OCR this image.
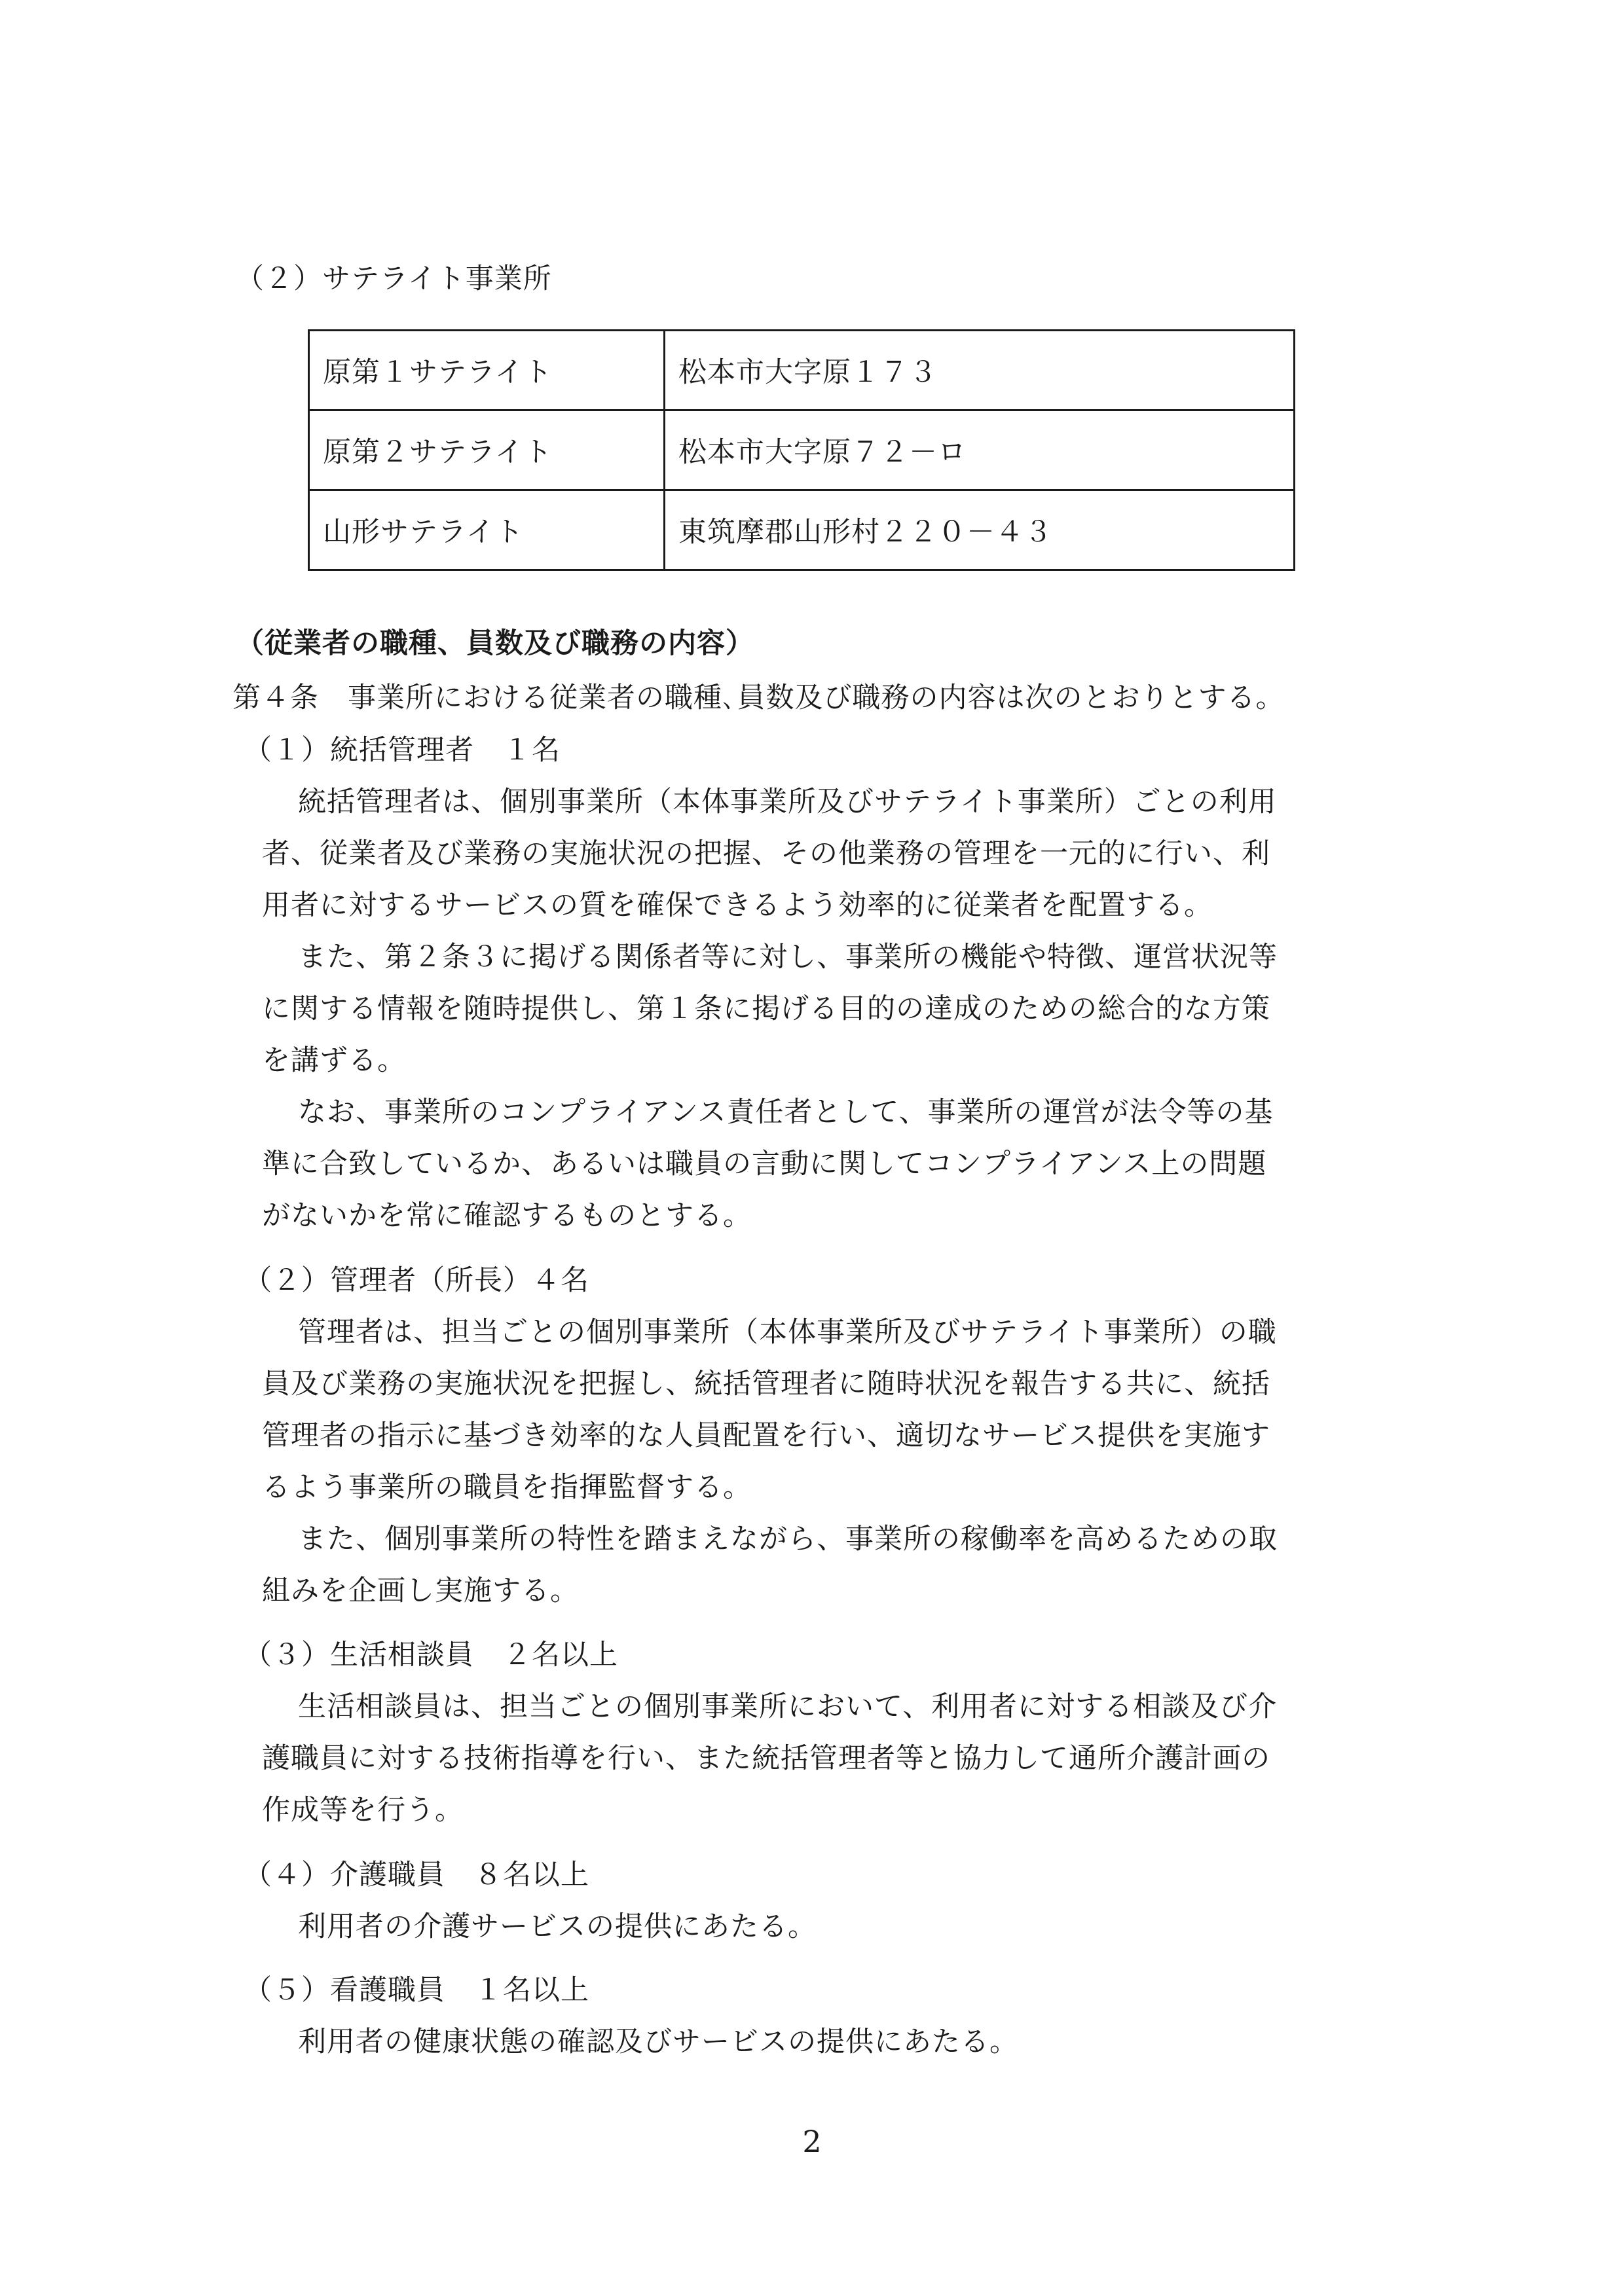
（２）サテライト事業所
原第１サテライト	松本市大字原１７３
原第２サテライト	松本市大字原７２－ロ
山形サテライト	東筑摩郡山形村２２０－４３
（従業者の職種、員数及び職務の内容）
第４条　事業所における従業者の職種､員数及び職務の内容は次のとおりとする。
（１）統括管理者　１名
統括管理者は、個別事業所（本体事業所及びサテライト事業所）ごとの利用
者、従業者及び業務の実施状況の把握、その他業務の管理を一元的に行い、利
用者に対するサービスの質を確保できるよう効率的に従業者を配置する。
また、第２条３に掲げる関係者等に対し、事業所の機能や特徴、運営状況等
に関する情報を随時提供し、第１条に掲げる目的の達成のための総合的な方策
を講ずる。
なお、事業所のコンプライアンス責任者として、事業所の運営が法令等の基
準に合致しているか、あるいは職員の言動に関してコンプライアンス上の問題
がないかを常に確認するものとする。
（２）管理者（所長）４名
管理者は、担当ごとの個別事業所（本体事業所及びサテライト事業所）の職
員及び業務の実施状況を把握し、統括管理者に随時状況を報告する共に、統括
管理者の指示に基づき効率的な人員配置を行い、適切なサービス提供を実施す
るよう事業所の職員を指揮監督する。
また、個別事業所の特性を踏まえながら、事業所の稼働率を高めるための取
組みを企画し実施する。
（３）生活相談員　２名以上
生活相談員は、担当ごとの個別事業所において、利用者に対する相談及び介
護職員に対する技術指導を行い、また統括管理者等と協力して通所介護計画の
作成等を行う。
（４）介護職員　８名以上
利用者の介護サービスの提供にあたる。
（５）看護職員　１名以上
利用者の健康状態の確認及びサービスの提供にあたる。
2
